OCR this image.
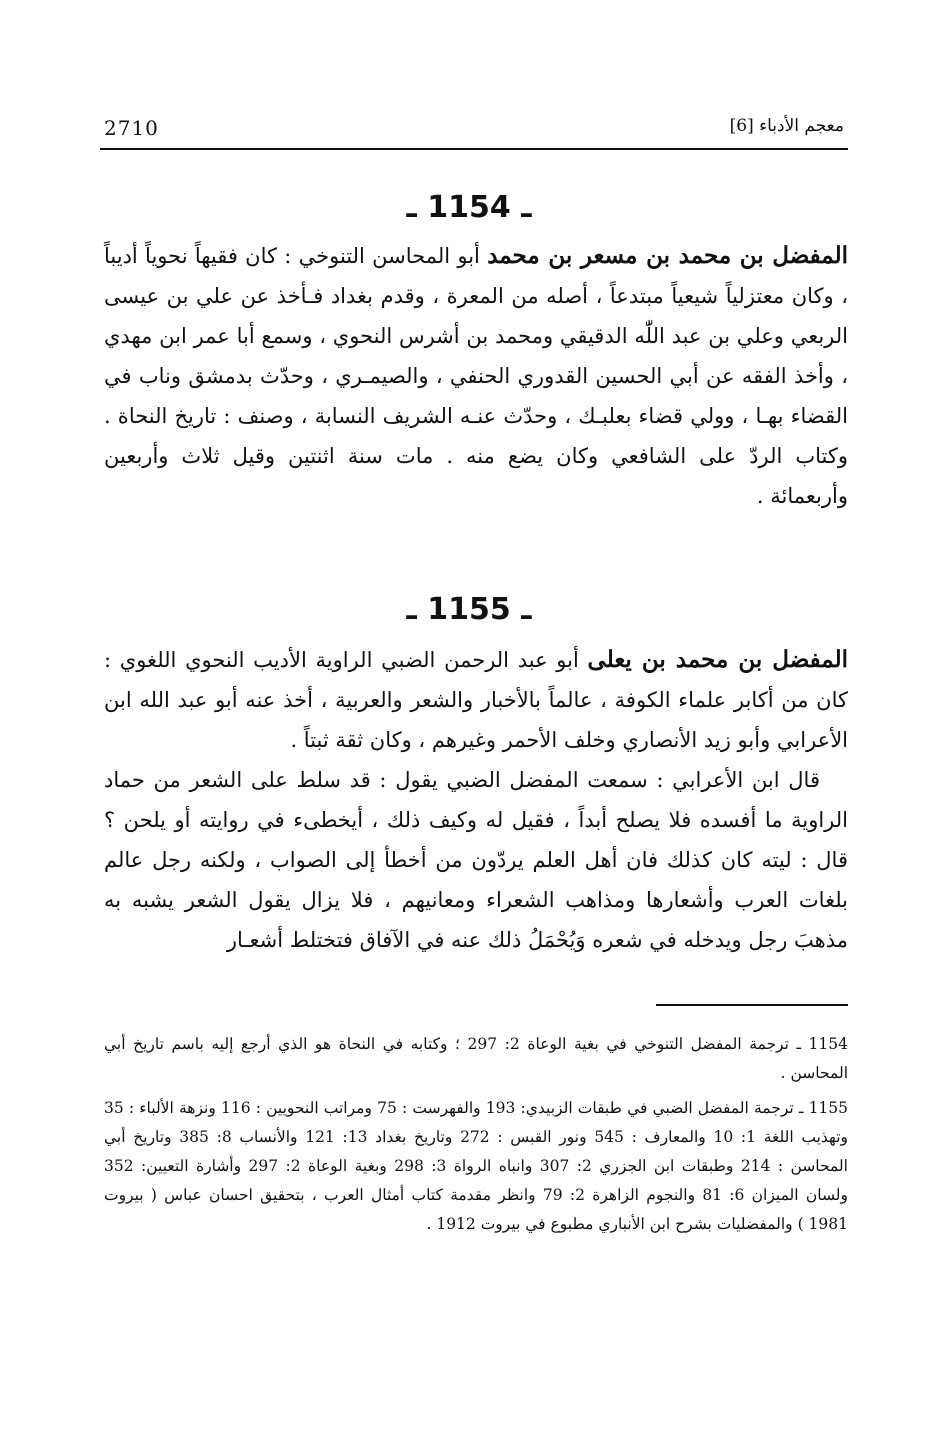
2710	معجم الأدباء [6]
ـ 1154 ـ

المفضل بن محمد بن مسعر بن محمد أبو المحاسن التنوخي : كان فقيهاً نحوياً أديباً ، وكان معتزلياً شيعياً مبتدعاً ، أصله من المعرة ، وقدم بغداد فـأخذ عن علي بن عيسى الربعي وعلي بن عبد اللّٰه الدقيقي ومحمد بن أشرس النحوي ، وسمع أبا عمر ابن مهدي ، وأخذ الفقه عن أبي الحسين القدوري الحنفي ، والصيمـري ، وحدّث بدمشق وناب في القضاء بهـا ، وولي قضاء بعلبـك ، وحدّث عنـه الشريف النسابة ، وصنف : تاريخ النحاة . وكتاب الردّ على الشافعي وكان يضع منه . مات سنة اثنتين وقيل ثلاث وأربعين وأربعمائة .

ـ 1155 ـ

المفضل بن محمد بن يعلى أبو عبد الرحمن الضبي الراوية الأديب النحوي اللغوي : كان من أكابر علماء الكوفة ، عالماً بالأخبار والشعر والعربية ، أخذ عنه أبو عبد الله ابن الأعرابي وأبو زيد الأنصاري وخلف الأحمر وغيرهم ، وكان ثقة ثبتاً .

قال ابن الأعرابي : سمعت المفضل الضبي يقول : قد سلط على الشعر من حماد الراوية ما أفسده فلا يصلح أبداً ، فقيل له وكيف ذلك ، أيخطىء في روايته أو يلحن ؟ قال : ليته كان كذلك فان أهل العلم يردّون من أخطأ إلى الصواب ، ولكنه رجل عالم بلغات العرب وأشعارها ومذاهب الشعراء ومعانيهم ، فلا يزال يقول الشعر يشبه به مذهبَ رجل ويدخله في شعره وَيُحْمَلُ ذلك عنه في الآفاق فتختلط أشعـار

1154 ـ ترجمة المفضل التنوخي في بغية الوعاة 2: 297 ؛ وكتابه في النحاة هو الذي أرجع إليه باسم تاريخ أبي المحاسن .

1155 ـ ترجمة المفضل الضبي في طبقات الزبيدي: 193 والفهرست : 75 ومراتب النحويين : 116 ونزهة الألباء : 35 وتهذيب اللغة 1: 10 والمعارف : 545 ونور القبس : 272 وتاريخ بغداد 13: 121 والأنساب 8: 385 وتاريخ أبي المحاسن : 214 وطبقات ابن الجزري 2: 307 وانباه الرواة 3: 298 وبغية الوعاة 2: 297 وأشارة التعيين: 352 ولسان الميزان 6: 81 والنجوم الزاهرة 2: 79 وانظر مقدمة كتاب أمثال العرب ، بتحقيق احسان عباس ( بيروت 1981 ) والمفضليات بشرح ابن الأنباري مطبوع في بيروت 1912 .
